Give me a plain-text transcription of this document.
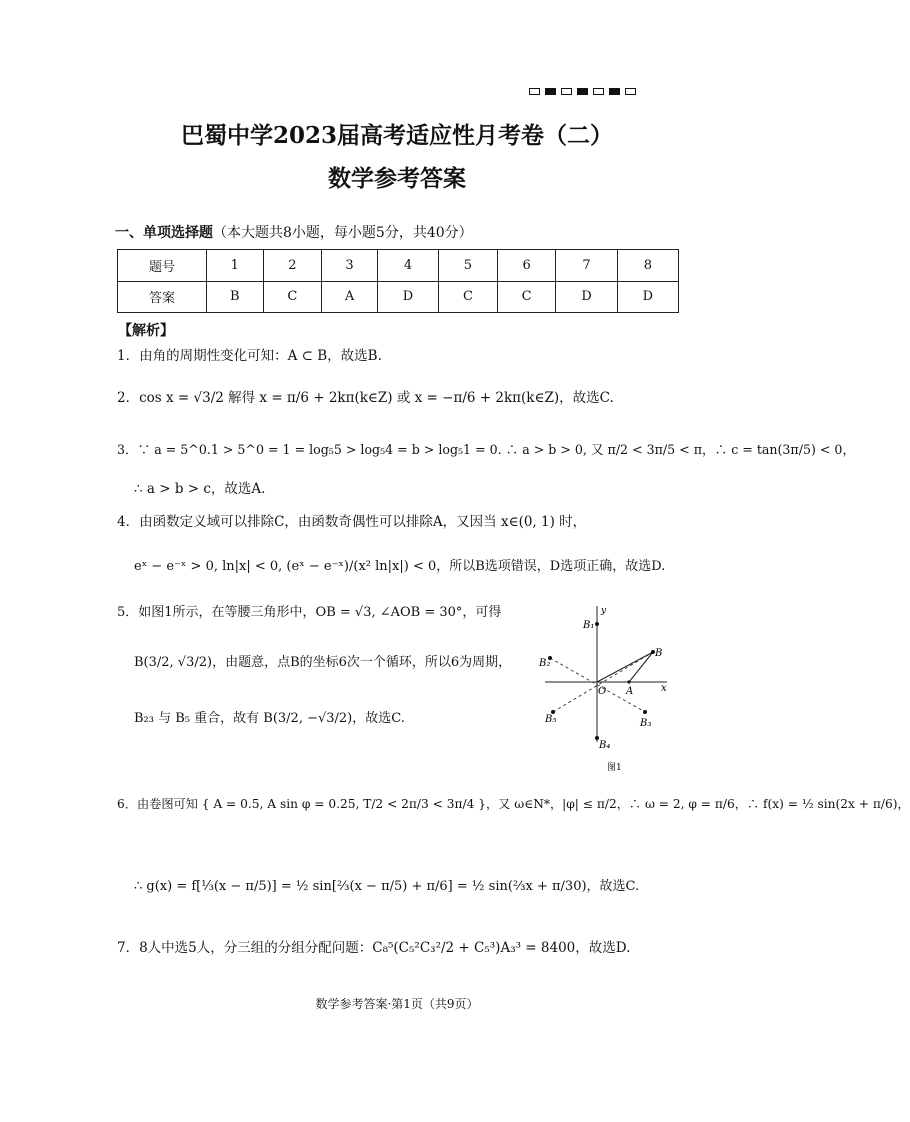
巴蜀中学2023届高考适应性月考卷（二）
数学参考答案
一、单项选择题（本大题共8小题，每小题5分，共40分）
题号	1	2	3	4	5	6	7	8
答案	B	C	A	D	C	C	D	D
【解析】
1．由角的周期性变化可知：A ⊂ B，故选B.
2．cos x = √3/2 解得 x = π/6 + 2kπ(k∈Z) 或 x = −π/6 + 2kπ(k∈Z)，故选C.
3．∵ a = 5^0.1 > 5^0 = 1 = log₅5 > log₅4 = b > log₅1 = 0. ∴ a > b > 0, 又 π/2 < 3π/5 < π，∴ c = tan(3π/5) < 0，
∴ a > b > c，故选A.
4．由函数定义域可以排除C，由函数奇偶性可以排除A，又因当 x∈(0, 1) 时，
eˣ − e⁻ˣ > 0, ln|x| < 0, (eˣ − e⁻ˣ)/(x² ln|x|) < 0，所以B选项错误，D选项正确，故选D.
5．如图1所示，在等腰三角形中，OB = √3, ∠AOB = 30°，可得
B(3/2, √3/2)，由题意，点B的坐标6次一个循环，所以6为周期，
B₂₃ 与 B₅ 重合，故有 B(3/2, −√3/2)，故选C.
y
B₁
B
B₂
O A	x
B₃
B₄
B₅
图1
6．由卷图可知 { A = 0.5, A sin φ = 0.25, T/2 < 2π/3 < 3π/4 }，又 ω∈N*，|φ| ≤ π/2，∴ ω = 2, φ = π/6，∴ f(x) = ½ sin(2x + π/6)，
∴ g(x) = f[⅓(x − π/5)] = ½ sin[⅔(x − π/5) + π/6] = ½ sin(⅔x + π/30)，故选C.
7．8人中选5人，分三组的分组分配问题：C₈⁵(C₅²C₃²/2 + C₅³)A₃³ = 8400，故选D.
数学参考答案·第1页（共9页）
